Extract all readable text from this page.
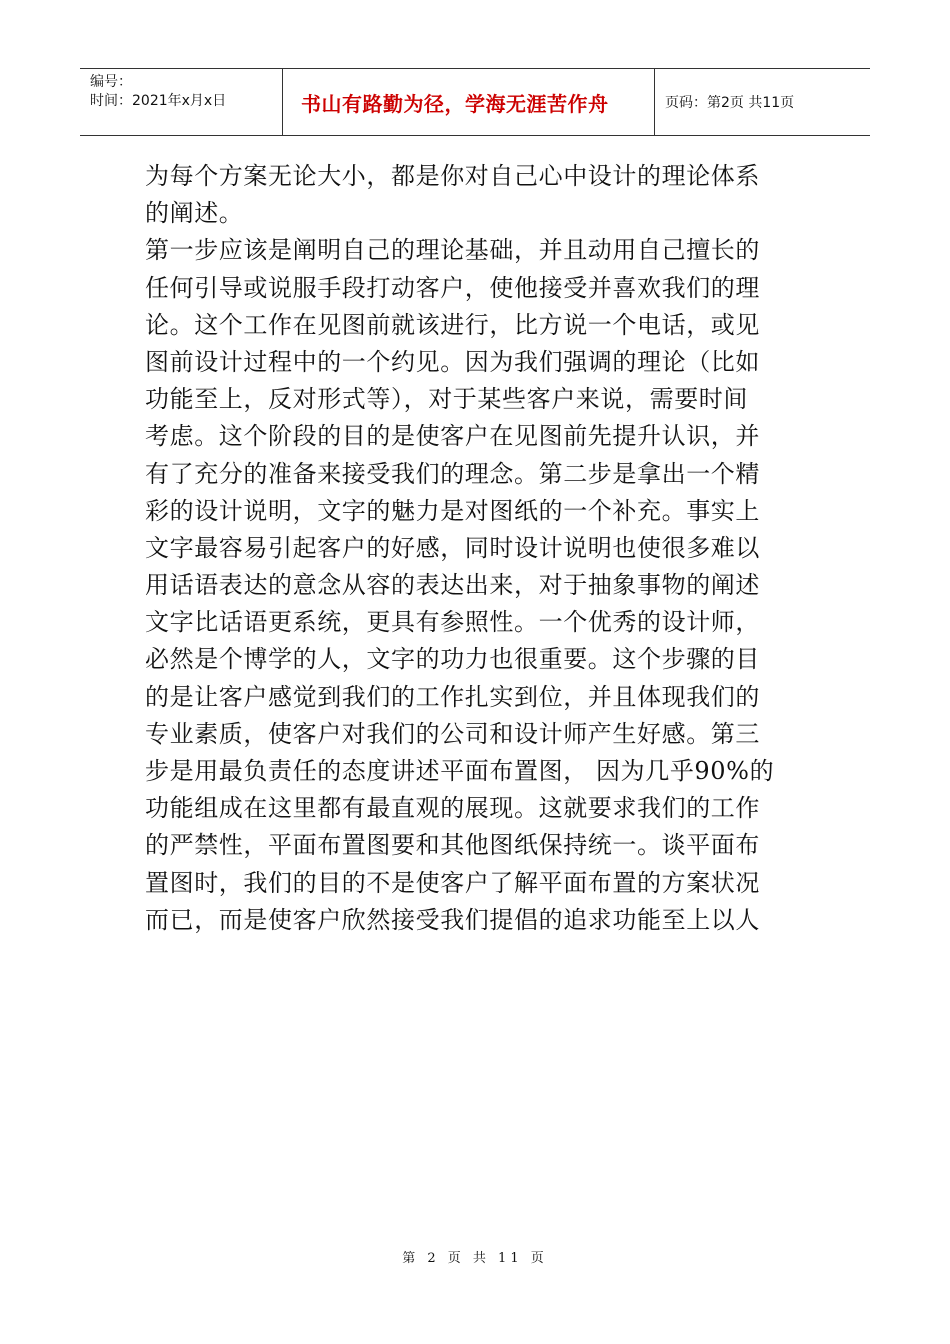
编号：
时间：2021年x月x日	书山有路勤为径，学海无涯苦作舟	页码：第2页 共11页
为每个方案无论大小，都是你对自己心中设计的理论体系
的阐述。
第一步应该是阐明自己的理论基础，并且动用自己擅长的
任何引导或说服手段打动客户，使他接受并喜欢我们的理
论。这个工作在见图前就该进行，比方说一个电话，或见
图前设计过程中的一个约见。因为我们强调的理论（比如
功能至上，反对形式等），对于某些客户来说，需要时间
考虑。这个阶段的目的是使客户在见图前先提升认识，并
有了充分的准备来接受我们的理念。第二步是拿出一个精
彩的设计说明，文字的魅力是对图纸的一个补充。事实上
文字最容易引起客户的好感，同时设计说明也使很多难以
用话语表达的意念从容的表达出来，对于抽象事物的阐述
文字比话语更系统，更具有参照性。一个优秀的设计师，
必然是个博学的人，文字的功力也很重要。这个步骤的目
的是让客户感觉到我们的工作扎实到位，并且体现我们的
专业素质，使客户对我们的公司和设计师产生好感。第三
步是用最负责任的态度讲述平面布置图， 因为几乎90%的
功能组成在这里都有最直观的展现。这就要求我们的工作
的严禁性，平面布置图要和其他图纸保持统一。谈平面布
置图时，我们的目的不是使客户了解平面布置的方案状况
而已，而是使客户欣然接受我们提倡的追求功能至上以人
第 2 页 共 11 页
